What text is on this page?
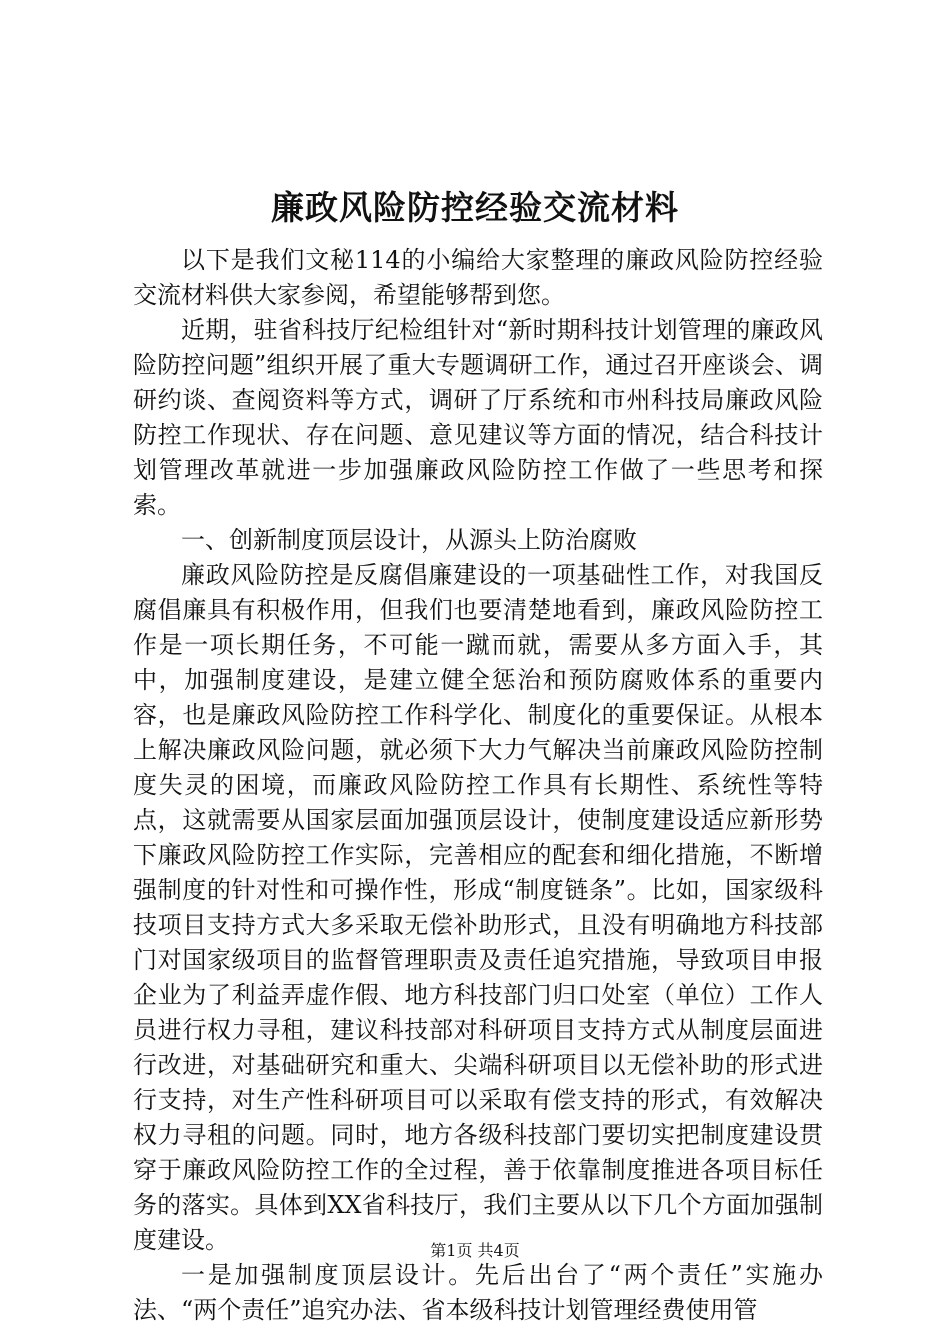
廉政风险防控经验交流材料

以下是我们文秘114的小编给大家整理的廉政风险防控经验交流材料供大家参阅，希望能够帮到您。

近期，驻省科技厅纪检组针对“新时期科技计划管理的廉政风险防控问题”组织开展了重大专题调研工作，通过召开座谈会、调研约谈、查阅资料等方式，调研了厅系统和市州科技局廉政风险防控工作现状、存在问题、意见建议等方面的情况，结合科技计划管理改革就进一步加强廉政风险防控工作做了一些思考和探索。

一、创新制度顶层设计，从源头上防治腐败

廉政风险防控是反腐倡廉建设的一项基础性工作，对我国反腐倡廉具有积极作用，但我们也要清楚地看到，廉政风险防控工作是一项长期任务，不可能一蹴而就，需要从多方面入手，其中，加强制度建设，是建立健全惩治和预防腐败体系的重要内容，也是廉政风险防控工作科学化、制度化的重要保证。从根本上解决廉政风险问题，就必须下大力气解决当前廉政风险防控制度失灵的困境，而廉政风险防控工作具有长期性、系统性等特点，这就需要从国家层面加强顶层设计，使制度建设适应新形势下廉政风险防控工作实际，完善相应的配套和细化措施，不断增强制度的针对性和可操作性，形成“制度链条”。比如，国家级科技项目支持方式大多采取无偿补助形式，且没有明确地方科技部门对国家级项目的监督管理职责及责任追究措施，导致项目申报企业为了利益弄虚作假、地方科技部门归口处室（单位）工作人员进行权力寻租，建议科技部对科研项目支持方式从制度层面进行改进，对基础研究和重大、尖端科研项目以无偿补助的形式进行支持，对生产性科研项目可以采取有偿支持的形式，有效解决权力寻租的问题。同时，地方各级科技部门要切实把制度建设贯穿于廉政风险防控工作的全过程，善于依靠制度推进各项目标任务的落实。具体到XX省科技厅，我们主要从以下几个方面加强制度建设。

一是加强制度顶层设计。先后出台了“两个责任”实施办法、“两个责任”追究办法、省本级科技计划管理经费使用管

第1页 共4页
